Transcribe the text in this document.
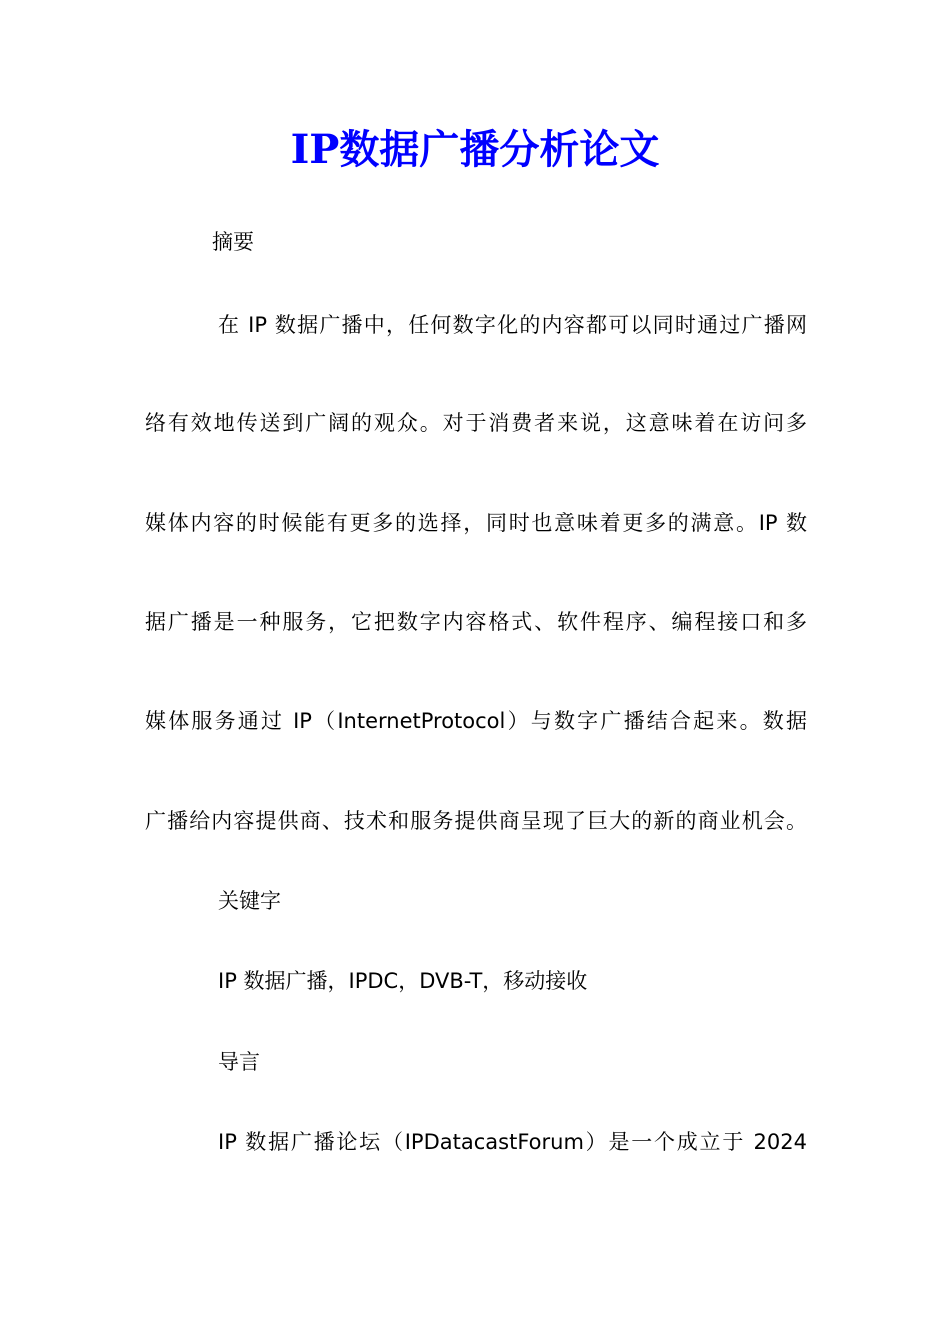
IP数据广播分析论文

摘要

在 IP 数据广播中，任何数字化的内容都可以同时通过广播网

络有效地传送到广阔的观众。对于消费者来说，这意味着在访问多

媒体内容的时候能有更多的选择，同时也意味着更多的满意。IP 数

据广播是一种服务，它把数字内容格式、软件程序、编程接口和多

媒体服务通过 IP（InternetProtocol）与数字广播结合起来。数据

广播给内容提供商、技术和服务提供商呈现了巨大的新的商业机会。

关键字

IP 数据广播，IPDC，DVB-T，移动接收

导言

IP 数据广播论坛（IPDatacastForum）是一个成立于 2024
